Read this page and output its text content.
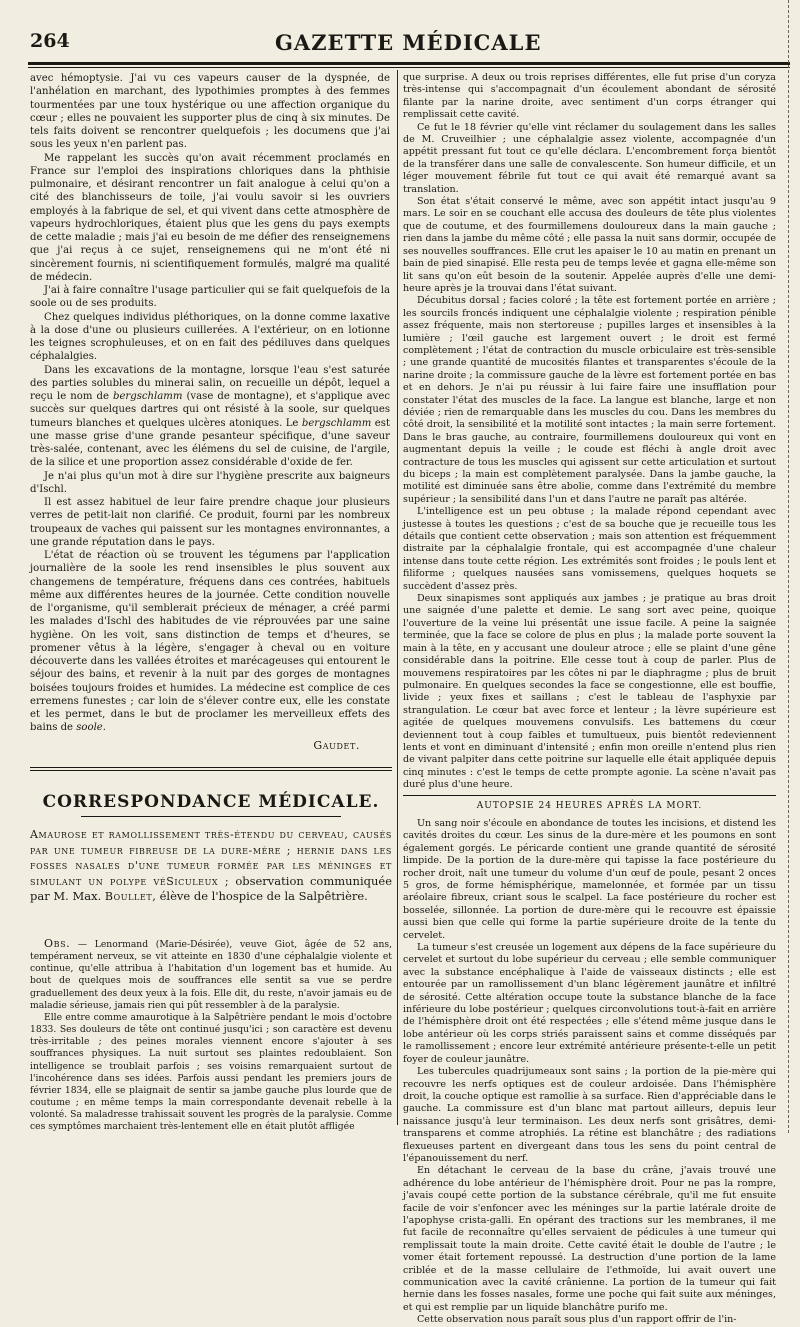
264	GAZETTE MÉDICALE

avec hémoptysie. J'ai vu ces vapeurs causer de la dyspnée, de l'anhélation en marchant, des lypothimies promptes à des femmes tourmentées par une toux hystérique ou une affection organique du cœur ; elles ne pouvaient les supporter plus de cinq à six minutes. De tels faits doivent se rencontrer quelquefois ; les documens que j'ai sous les yeux n'en parlent pas.

Me rappelant les succès qu'on avait récemment proclamés en France sur l'emploi des inspirations chloriques dans la phthisie pulmonaire, et désirant rencontrer un fait analogue à celui qu'on a cité des blanchisseurs de toile, j'ai voulu savoir si les ouvriers employés à la fabrique de sel, et qui vivent dans cette atmosphère de vapeurs hydrochloriques, étaient plus que les gens du pays exempts de cette maladie ; mais j'ai eu besoin de me défier des renseignemens que j'ai reçus à ce sujet, renseignemens qui ne m'ont été ni sincèrement fournis, ni scientifiquement formulés, malgré ma qualité de médecin.

J'ai à faire connaître l'usage particulier qui se fait quelquefois de la soole ou de ses produits.

Chez quelques individus pléthoriques, on la donne comme laxative à la dose d'une ou plusieurs cuillerées. A l'extérieur, on en lotionne les teignes scrophuleuses, et on en fait des pédiluves dans quelques céphalalgies.

Dans les excavations de la montagne, lorsque l'eau s'est saturée des parties solubles du minerai salin, on recueille un dépôt, lequel a reçu le nom de bergschlamm (vase de montagne), et s'applique avec succès sur quelques dartres qui ont résisté à la soole, sur quelques tumeurs blanches et quelques ulcères atoniques. Le bergschlamm est une masse grise d'une grande pesanteur spécifique, d'une saveur très-salée, contenant, avec les élémens du sel de cuisine, de l'argile, de la silice et une proportion assez considérable d'oxide de fer.

Je n'ai plus qu'un mot à dire sur l'hygiène prescrite aux baigneurs d'Ischl.

Il est assez habituel de leur faire prendre chaque jour plusieurs verres de petit-lait non clarifié. Ce produit, fourni par les nombreux troupeaux de vaches qui paissent sur les montagnes environnantes, a une grande réputation dans le pays.

L'état de réaction où se trouvent les tégumens par l'application journalière de la soole les rend insensibles le plus souvent aux changemens de température, fréquens dans ces contrées, habituels même aux différentes heures de la journée. Cette condition nouvelle de l'organisme, qu'il semblerait précieux de ménager, a créé parmi les malades d'Ischl des habitudes de vie réprouvées par une saine hygiène. On les voit, sans distinction de temps et d'heures, se promener vêtus à la légère, s'engager à cheval ou en voiture découverte dans les vallées étroites et marécageuses qui entourent le séjour des bains, et revenir à la nuit par des gorges de montagnes boisées toujours froides et humides. La médecine est complice de ces erremens funestes ; car loin de s'élever contre eux, elle les constate et les permet, dans le but de proclamer les merveilleux effets des bains de soole.

Gaudet.

CORRESPONDANCE MÉDICALE.

Amaurose et ramollissement très-étendu du cerveau, causés par une tumeur fibreuse de la dure-mère ; hernie dans les fosses nasales d'une tumeur formée par les méninges et simulant un polype véSiculeux ; observation communiquée par M. Max. Boullet, élève de l'hospice de la Salpêtrière.

Obs. — Lenormand (Marie-Désirée), veuve Giot, âgée de 52 ans, tempérament nerveux, se vit atteinte en 1830 d'une céphalalgie violente et continue, qu'elle attribua à l'habitation d'un logement bas et humide. Au bout de quelques mois de souffrances elle sentit sa vue se perdre graduellement des deux yeux à la fois. Elle dit, du reste, n'avoir jamais eu de maladie sérieuse, jamais rien qui pût ressembler à de la paralysie.

Elle entre comme amaurotique à la Salpêtrière pendant le mois d'octobre 1833. Ses douleurs de tête ont continué jusqu'ici ; son caractère est devenu très-irritable ; des peines morales viennent encore s'ajouter à ses souffrances physiques. La nuit surtout ses plaintes redoublaient. Son intelligence se troublait parfois ; ses voisins remarquaient surtout de l'incohérence dans ses idées. Parfois aussi pendant les premiers jours de février 1834, elle se plaignait de sentir sa jambe gauche plus lourde que de coutume ; en même temps la main correspondante devenait rebelle à la volonté. Sa maladresse trahissait souvent les progrès de la paralysie. Comme ces symptômes marchaient très-lentement elle en était plutôt affligée

que surprise. A deux ou trois reprises différentes, elle fut prise d'un coryza très-intense qui s'accompagnait d'un écoulement abondant de sérosité filante par la narine droite, avec sentiment d'un corps étranger qui remplissait cette cavité.

Ce fut le 18 février qu'elle vint réclamer du soulagement dans les salles de M. Cruveilhier ; une céphalalgie assez violente, accompagnée d'un appétit pressant fut tout ce qu'elle déclara. L'encombrement força bientôt de la transférer dans une salle de convalescente. Son humeur difficile, et un léger mouvement fébrile fut tout ce qui avait été remarqué avant sa translation.

Son état s'était conservé le même, avec son appétit intact jusqu'au 9 mars. Le soir en se couchant elle accusa des douleurs de tête plus violentes que de coutume, et des fourmillemens douloureux dans la main gauche ; rien dans la jambe du même côté ; elle passa la nuit sans dormir, occupée de ses nouvelles souffrances. Elle crut les apaiser le 10 au matin en prenant un bain de pied sinapisé. Elle resta peu de temps levée et gagna elle-même son lit sans qu'on eût besoin de la soutenir. Appelée auprès d'elle une demi-heure après je la trouvai dans l'état suivant.

Décubitus dorsal ; facies coloré ; la tête est fortement portée en arrière ; les sourcils froncés indiquent une céphalalgie violente ; respiration pénible assez fréquente, mais non stertoreuse ; pupilles larges et insensibles à la lumière ; l'œil gauche est largement ouvert ; le droit est fermé complètement ; l'état de contraction du muscle orbiculaire est très-sensible ; une grande quantité de mucosités filantes et transparentes s'écoule de la narine droite ; la commissure gauche de la lèvre est fortement portée en bas et en dehors. Je n'ai pu réussir à lui faire faire une insufflation pour constater l'état des muscles de la face. La langue est blanche, large et non déviée ; rien de remarquable dans les muscles du cou. Dans les membres du côté droit, la sensibilité et la motilité sont intactes ; la main serre fortement. Dans le bras gauche, au contraire, fourmillemens douloureux qui vont en augmentant depuis la veille ; le coude est fléchi à angle droit avec contracture de tous les muscles qui agissent sur cette articulation et surtout du biceps ; la main est complètement paralysée. Dans la jambe gauche, la motilité est diminuée sans être abolie, comme dans l'extrémité du membre supérieur ; la sensibilité dans l'un et dans l'autre ne paraît pas altérée.

L'intelligence est un peu obtuse ; la malade répond cependant avec justesse à toutes les questions ; c'est de sa bouche que je recueille tous les détails que contient cette observation ; mais son attention est fréquemment distraite par la céphalalgie frontale, qui est accompagnée d'une chaleur intense dans toute cette région. Les extrémités sont froides ; le pouls lent et filiforme ; quelques nausées sans vomissemens, quelques hoquets se succèdent d'assez près.

Deux sinapismes sont appliqués aux jambes ; je pratique au bras droit une saignée d'une palette et demie. Le sang sort avec peine, quoique l'ouverture de la veine lui présentât une issue facile. A peine la saignée terminée, que la face se colore de plus en plus ; la malade porte souvent la main à la tête, en y accusant une douleur atroce ; elle se plaint d'une gêne considérable dans la poitrine. Elle cesse tout à coup de parler. Plus de mouvemens respiratoires par les côtes ni par le diaphragme ; plus de bruit pulmonaire. En quelques secondes la face se congestionne, elle est bouffie, livide ; yeux fixes et saillans ; c'est le tableau de l'asphyxie par strangulation. Le cœur bat avec force et lenteur ; la lèvre supérieure est agitée de quelques mouvemens convulsifs. Les battemens du cœur deviennent tout à coup faibles et tumultueux, puis bientôt redeviennent lents et vont en diminuant d'intensité ; enfin mon oreille n'entend plus rien de vivant palpiter dans cette poitrine sur laquelle elle était appliquée depuis cinq minutes : c'est le temps de cette prompte agonie. La scène n'avait pas duré plus d'une heure.

AUTOPSIE 24 HEURES APRÈS LA MORT.

Un sang noir s'écoule en abondance de toutes les incisions, et distend les cavités droites du cœur. Les sinus de la dure-mère et les poumons en sont également gorgés. Le péricarde contient une grande quantité de sérosité limpide. De la portion de la dure-mère qui tapisse la face postérieure du rocher droit, naît une tumeur du volume d'un œuf de poule, pesant 2 onces 5 gros, de forme hémisphérique, mamelonnée, et formée par un tissu aréolaire fibreux, criant sous le scalpel. La face postérieure du rocher est bosselée, sillonnée. La portion de dure-mère qui le recouvre est épaissie aussi bien que celle qui forme la partie supérieure droite de la tente du cervelet.

La tumeur s'est creusée un logement aux dépens de la face supérieure du cervelet et surtout du lobe supérieur du cerveau ; elle semble communiquer avec la substance encéphalique à l'aide de vaisseaux distincts ; elle est entourée par un ramollissement d'un blanc légèrement jaunâtre et infiltré de sérosité. Cette altération occupe toute la substance blanche de la face inférieure du lobe postérieur ; quelques circonvolutions tout-à-fait en arrière de l'hémisphère droit ont été respectées ; elle s'étend même jusque dans le lobe antérieur où les corps striés paraissent sains et comme disséqués par le ramollissement ; encore leur extrémité antérieure présente-t-elle un petit foyer de couleur jaunâtre.

Les tubercules quadrijumeaux sont sains ; la portion de la pie-mère qui recouvre les nerfs optiques est de couleur ardoisée. Dans l'hémisphère droit, la couche optique est ramollie à sa surface. Rien d'appréciable dans le gauche. La commissure est d'un blanc mat partout ailleurs, depuis leur naissance jusqu'à leur terminaison. Les deux nerfs sont grisâtres, demi-transparens et comme atrophiés. La rétine est blanchâtre ; des radiations flexueuses partent en divergeant dans tous les sens du point central de l'épanouissement du nerf.

En détachant le cerveau de la base du crâne, j'avais trouvé une adhérence du lobe antérieur de l'hémisphère droit. Pour ne pas la rompre, j'avais coupé cette portion de la substance cérébrale, qu'il me fut ensuite facile de voir s'enfoncer avec les méninges sur la partie latérale droite de l'apophyse crista-galli. En opérant des tractions sur les membranes, il me fut facile de reconnaître qu'elles servaient de pédicules à une tumeur qui remplissait toute la main droite. Cette cavité était le double de l'autre ; le vomer était fortement repoussé. La destruction d'une portion de la lame criblée et de la masse cellulaire de l'ethmoïde, lui avait ouvert une communication avec la cavité crânienne. La portion de la tumeur qui fait hernie dans les fosses nasales, forme une poche qui fait suite aux méninges, et qui est remplie par un liquide blanchâtre purifo me.

Cette observation nous paraît sous plus d'un rapport offrir de l'in-
